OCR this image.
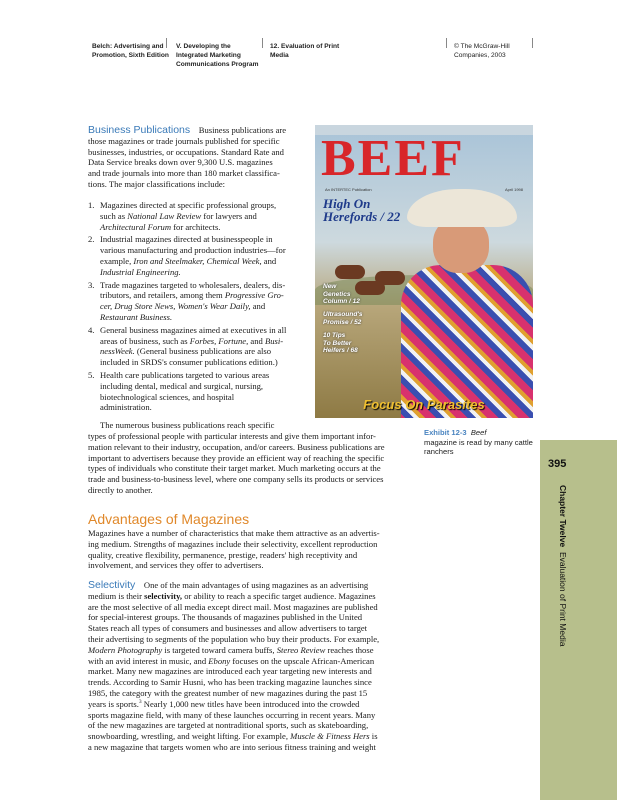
Belch: Advertising and
Promotion, Sixth Edition
V. Developing the
Integrated Marketing
Communications Program
12. Evaluation of Print
Media
© The McGraw-Hill
Companies, 2003
Business Publications Business publications are
those magazines or trade journals published for specific
businesses, industries, or occupations. Standard Rate and
Data Service breaks down over 9,300 U.S. magazines
and trade journals into more than 180 market classifica-
tions. The major classifications include:
1. Magazines directed at specific professional groups,
such as National Law Review for lawyers and
Architectural Forum for architects.
2. Industrial magazines directed at businesspeople in
various manufacturing and production industries—for
example, Iron and Steelmaker, Chemical Week, and
Industrial Engineering.
3. Trade magazines targeted to wholesalers, dealers, dis-
tributors, and retailers, among them Progressive Gro-
cer, Drug Store News, Women's Wear Daily, and
Restaurant Business.
4. General business magazines aimed at executives in all
areas of business, such as Forbes, Fortune, and Busi-
nessWeek. (General business publications are also
included in SRDS's consumer publications edition.)
5. Health care publications targeted to various areas
including dental, medical and surgical, nursing,
biotechnological sciences, and hospital
administration.
BEEF
An INTERTEC Publication	April 1998
High On
Herefords / 22
New
Genetics
Column / 12
Ultrasound's
Promise / 52
10 Tips
To Better
Heifers / 68
Focus On Parasites
Exhibit 12-3 Beef
magazine is read by many cattle ranchers
The numerous business publications reach specific
types of professional people with particular interests and give them important infor-
mation relevant to their industry, occupation, and/or careers. Business publications are
important to advertisers because they provide an efficient way of reaching the specific
types of individuals who constitute their target market. Much marketing occurs at the
trade and business-to-business level, where one company sells its products or services
directly to another.
Advantages of Magazines
Magazines have a number of characteristics that make them attractive as an advertis-
ing medium. Strengths of magazines include their selectivity, excellent reproduction
quality, creative flexibility, permanence, prestige, readers' high receptivity and
involvement, and services they offer to advertisers.
Selectivity One of the main advantages of using magazines as an advertising
medium is their selectivity, or ability to reach a specific target audience. Magazines
are the most selective of all media except direct mail. Most magazines are published
for special-interest groups. The thousands of magazines published in the United
States reach all types of consumers and businesses and allow advertisers to target
their advertising to segments of the population who buy their products. For example,
Modern Photography is targeted toward camera buffs, Stereo Review reaches those
with an avid interest in music, and Ebony focuses on the upscale African-American
market. Many new magazines are introduced each year targeting new interests and
trends. According to Samir Husni, who has been tracking magazine launches since
1985, the category with the greatest number of new magazines during the past 15
years is sports.$^3$ Nearly 1,000 new titles have been introduced into the crowded
sports magazine field, with many of these launches occurring in recent years. Many
of the new magazines are targeted at nontraditional sports, such as skateboarding,
snowboarding, wrestling, and weight lifting. For example, Muscle & Fitness Hers is
a new magazine that targets women who are into serious fitness training and weight
395
Chapter Twelve  Evaluation of Print Media
